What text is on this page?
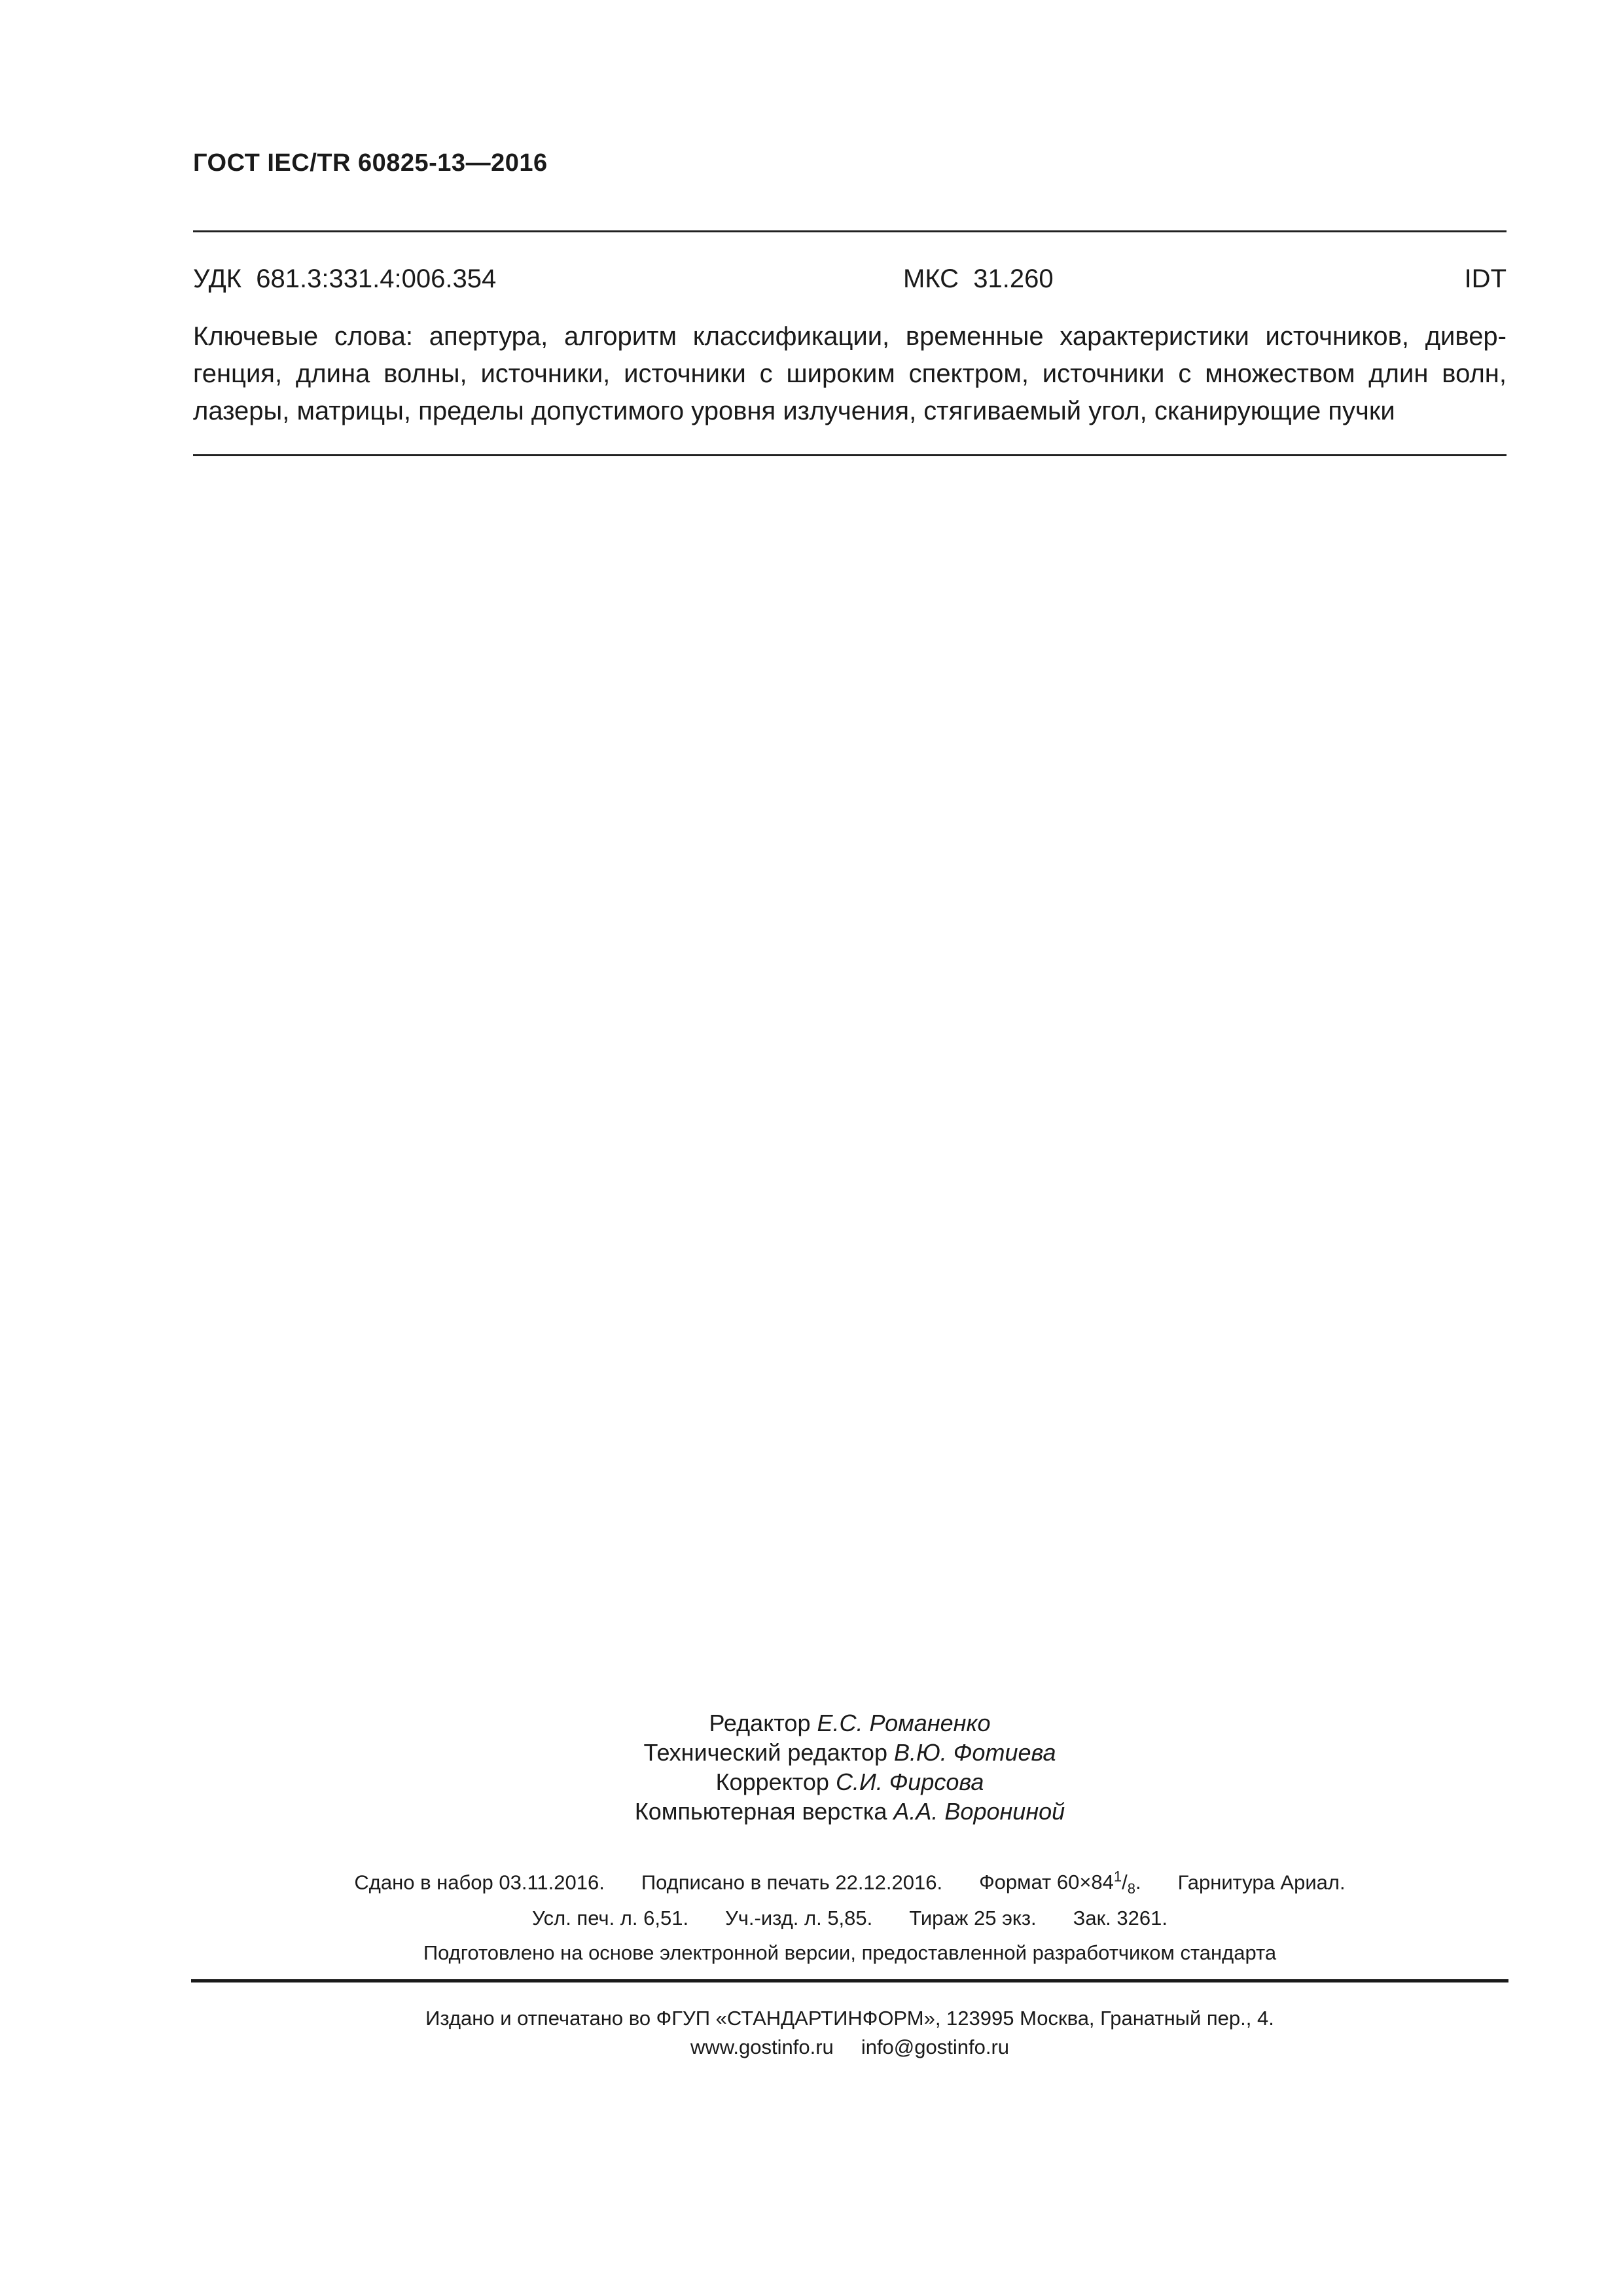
ГОСТ IEC/TR 60825-13—2016
УДК  681.3:331.4:006.354	МКС  31.260	IDT
Ключевые слова: апертура, алгоритм классификации, временные характеристики источников, дивер-
генция, длина волны, источники, источники с широким спектром, источники с множеством длин волн,
лазеры, матрицы, пределы допустимого уровня излучения, стягиваемый угол, сканирующие пучки
Редактор Е.С. Романенко
Технический редактор В.Ю. Фотиева
Корректор С.И. Фирсова
Компьютерная верстка А.А. Ворониной
Сдано в набор 03.11.2016. Подписано в печать 22.12.2016. Формат $60\times 84^1/_8$. Гарнитура Ариал.
Усл. печ. л. 6,51. Уч.-изд. л. 5,85. Тираж 25 экз. Зак. 3261.
Подготовлено на основе электронной версии, предоставленной разработчиком стандарта
Издано и отпечатано во ФГУП «СТАНДАРТИНФОРМ», 123995 Москва, Гранатный пер., 4.
www.gostinfo.ru info@gostinfo.ru
